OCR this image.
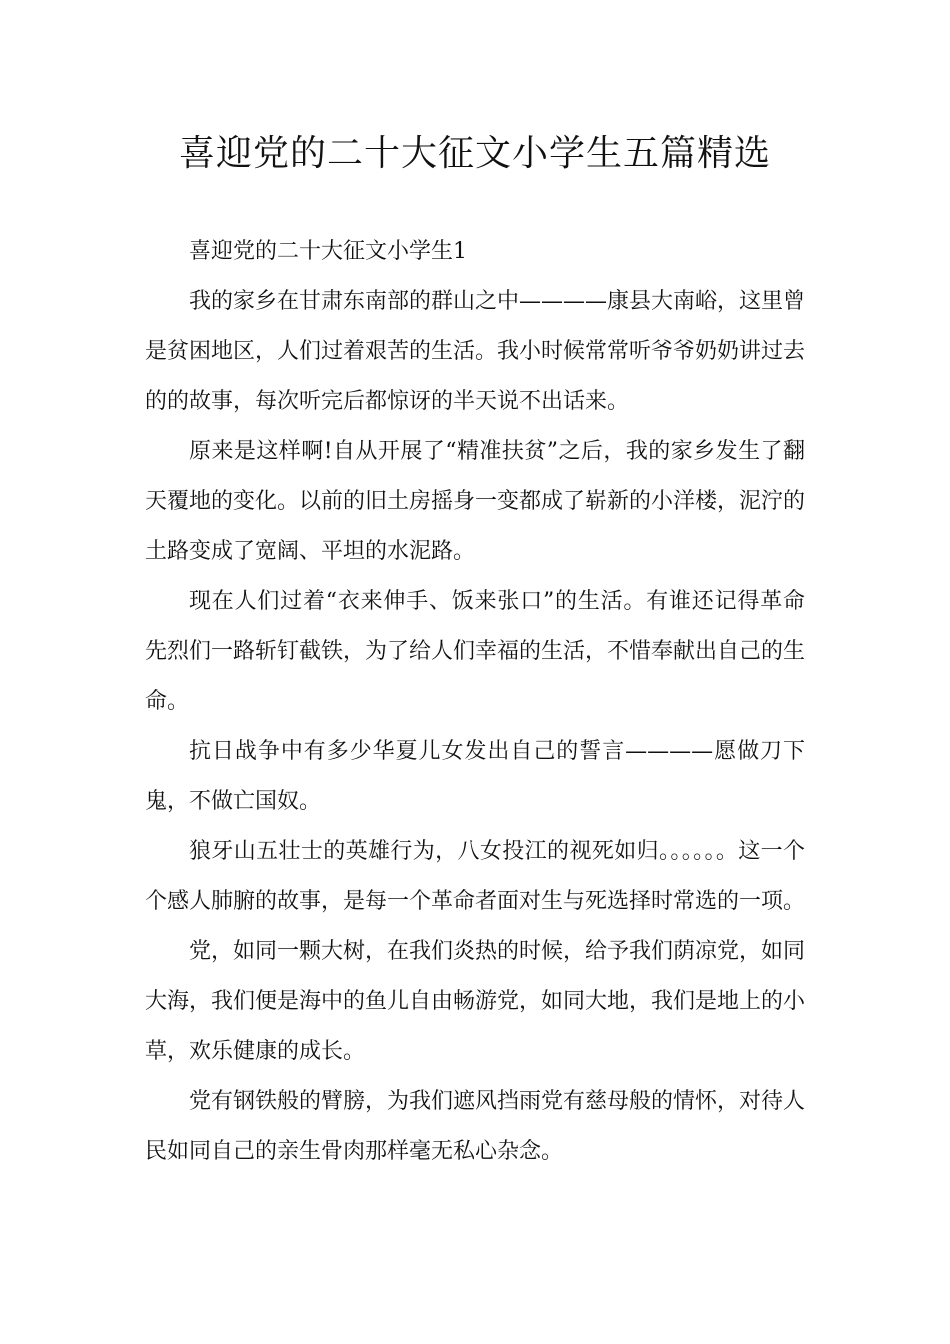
喜迎党的二十大征文小学生五篇精选

喜迎党的二十大征文小学生1

我的家乡在甘肃东南部的群山之中————康县大南峪，这里曾是贫困地区，人们过着艰苦的生活。我小时候常常听爷爷奶奶讲过去的的故事，每次听完后都惊讶的半天说不出话来。

原来是这样啊!自从开展了“精准扶贫”之后，我的家乡发生了翻天覆地的变化。以前的旧土房摇身一变都成了崭新的小洋楼，泥泞的土路变成了宽阔、平坦的水泥路。

现在人们过着“衣来伸手、饭来张口”的生活。有谁还记得革命先烈们一路斩钉截铁，为了给人们幸福的生活，不惜奉献出自己的生命。

抗日战争中有多少华夏儿女发出自己的誓言————愿做刀下鬼，不做亡国奴。

狼牙山五壮士的英雄行为，八女投江的视死如归。。。。。。这一个个感人肺腑的故事，是每一个革命者面对生与死选择时常选的一项。

党，如同一颗大树，在我们炎热的时候，给予我们荫凉党，如同大海，我们便是海中的鱼儿自由畅游党，如同大地，我们是地上的小草，欢乐健康的成长。

党有钢铁般的臂膀，为我们遮风挡雨党有慈母般的情怀，对待人民如同自己的亲生骨肉那样毫无私心杂念。
